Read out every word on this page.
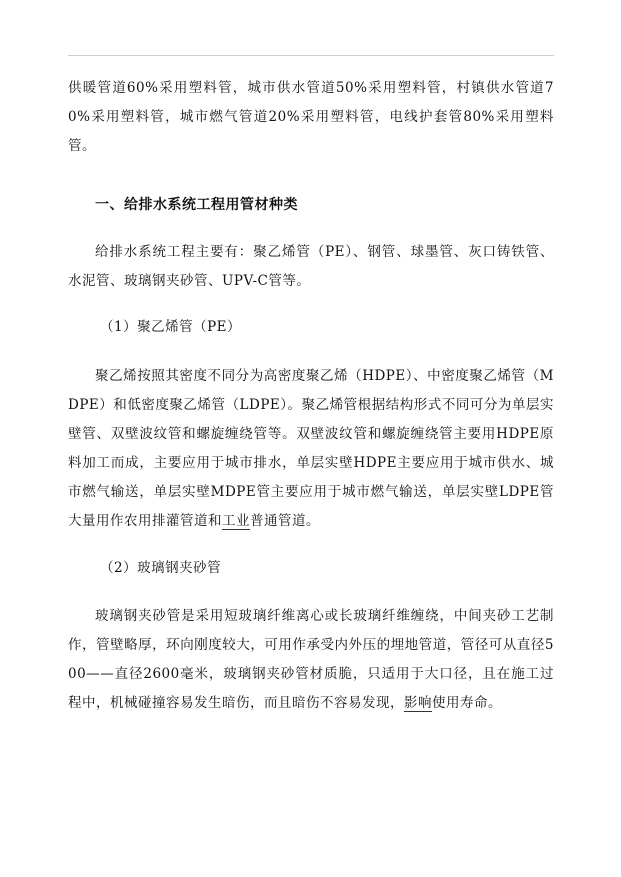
供暖管道60%采用塑料管，城市供水管道50%采用塑料管，村镇供水管道70%采用塑料管，城市燃气管道20%采用塑料管，电线护套管80%采用塑料管。

一、给排水系统工程用管材种类

给排水系统工程主要有：聚乙烯管（PE）、钢管、球墨管、灰口铸铁管、水泥管、玻璃钢夹砂管、UPV-C管等。

（1）聚乙烯管（PE）

聚乙烯按照其密度不同分为高密度聚乙烯（HDPE）、中密度聚乙烯管（MDPE）和低密度聚乙烯管（LDPE）。聚乙烯管根据结构形式不同可分为单层实壁管、双壁波纹管和螺旋缠绕管等。双壁波纹管和螺旋缠绕管主要用HDPE原料加工而成，主要应用于城市排水，单层实壁HDPE主要应用于城市供水、城市燃气输送，单层实壁MDPE管主要应用于城市燃气输送，单层实壁LDPE管大量用作农用排灌管道和工业普通管道。

（2）玻璃钢夹砂管

玻璃钢夹砂管是采用短玻璃纤维离心或长玻璃纤维缠绕，中间夹砂工艺制作，管壁略厚，环向刚度较大，可用作承受内外压的埋地管道，管径可从直径500——直径2600毫米，玻璃钢夹砂管材质脆，只适用于大口径，且在施工过程中，机械碰撞容易发生暗伤，而且暗伤不容易发现，影响使用寿命。
